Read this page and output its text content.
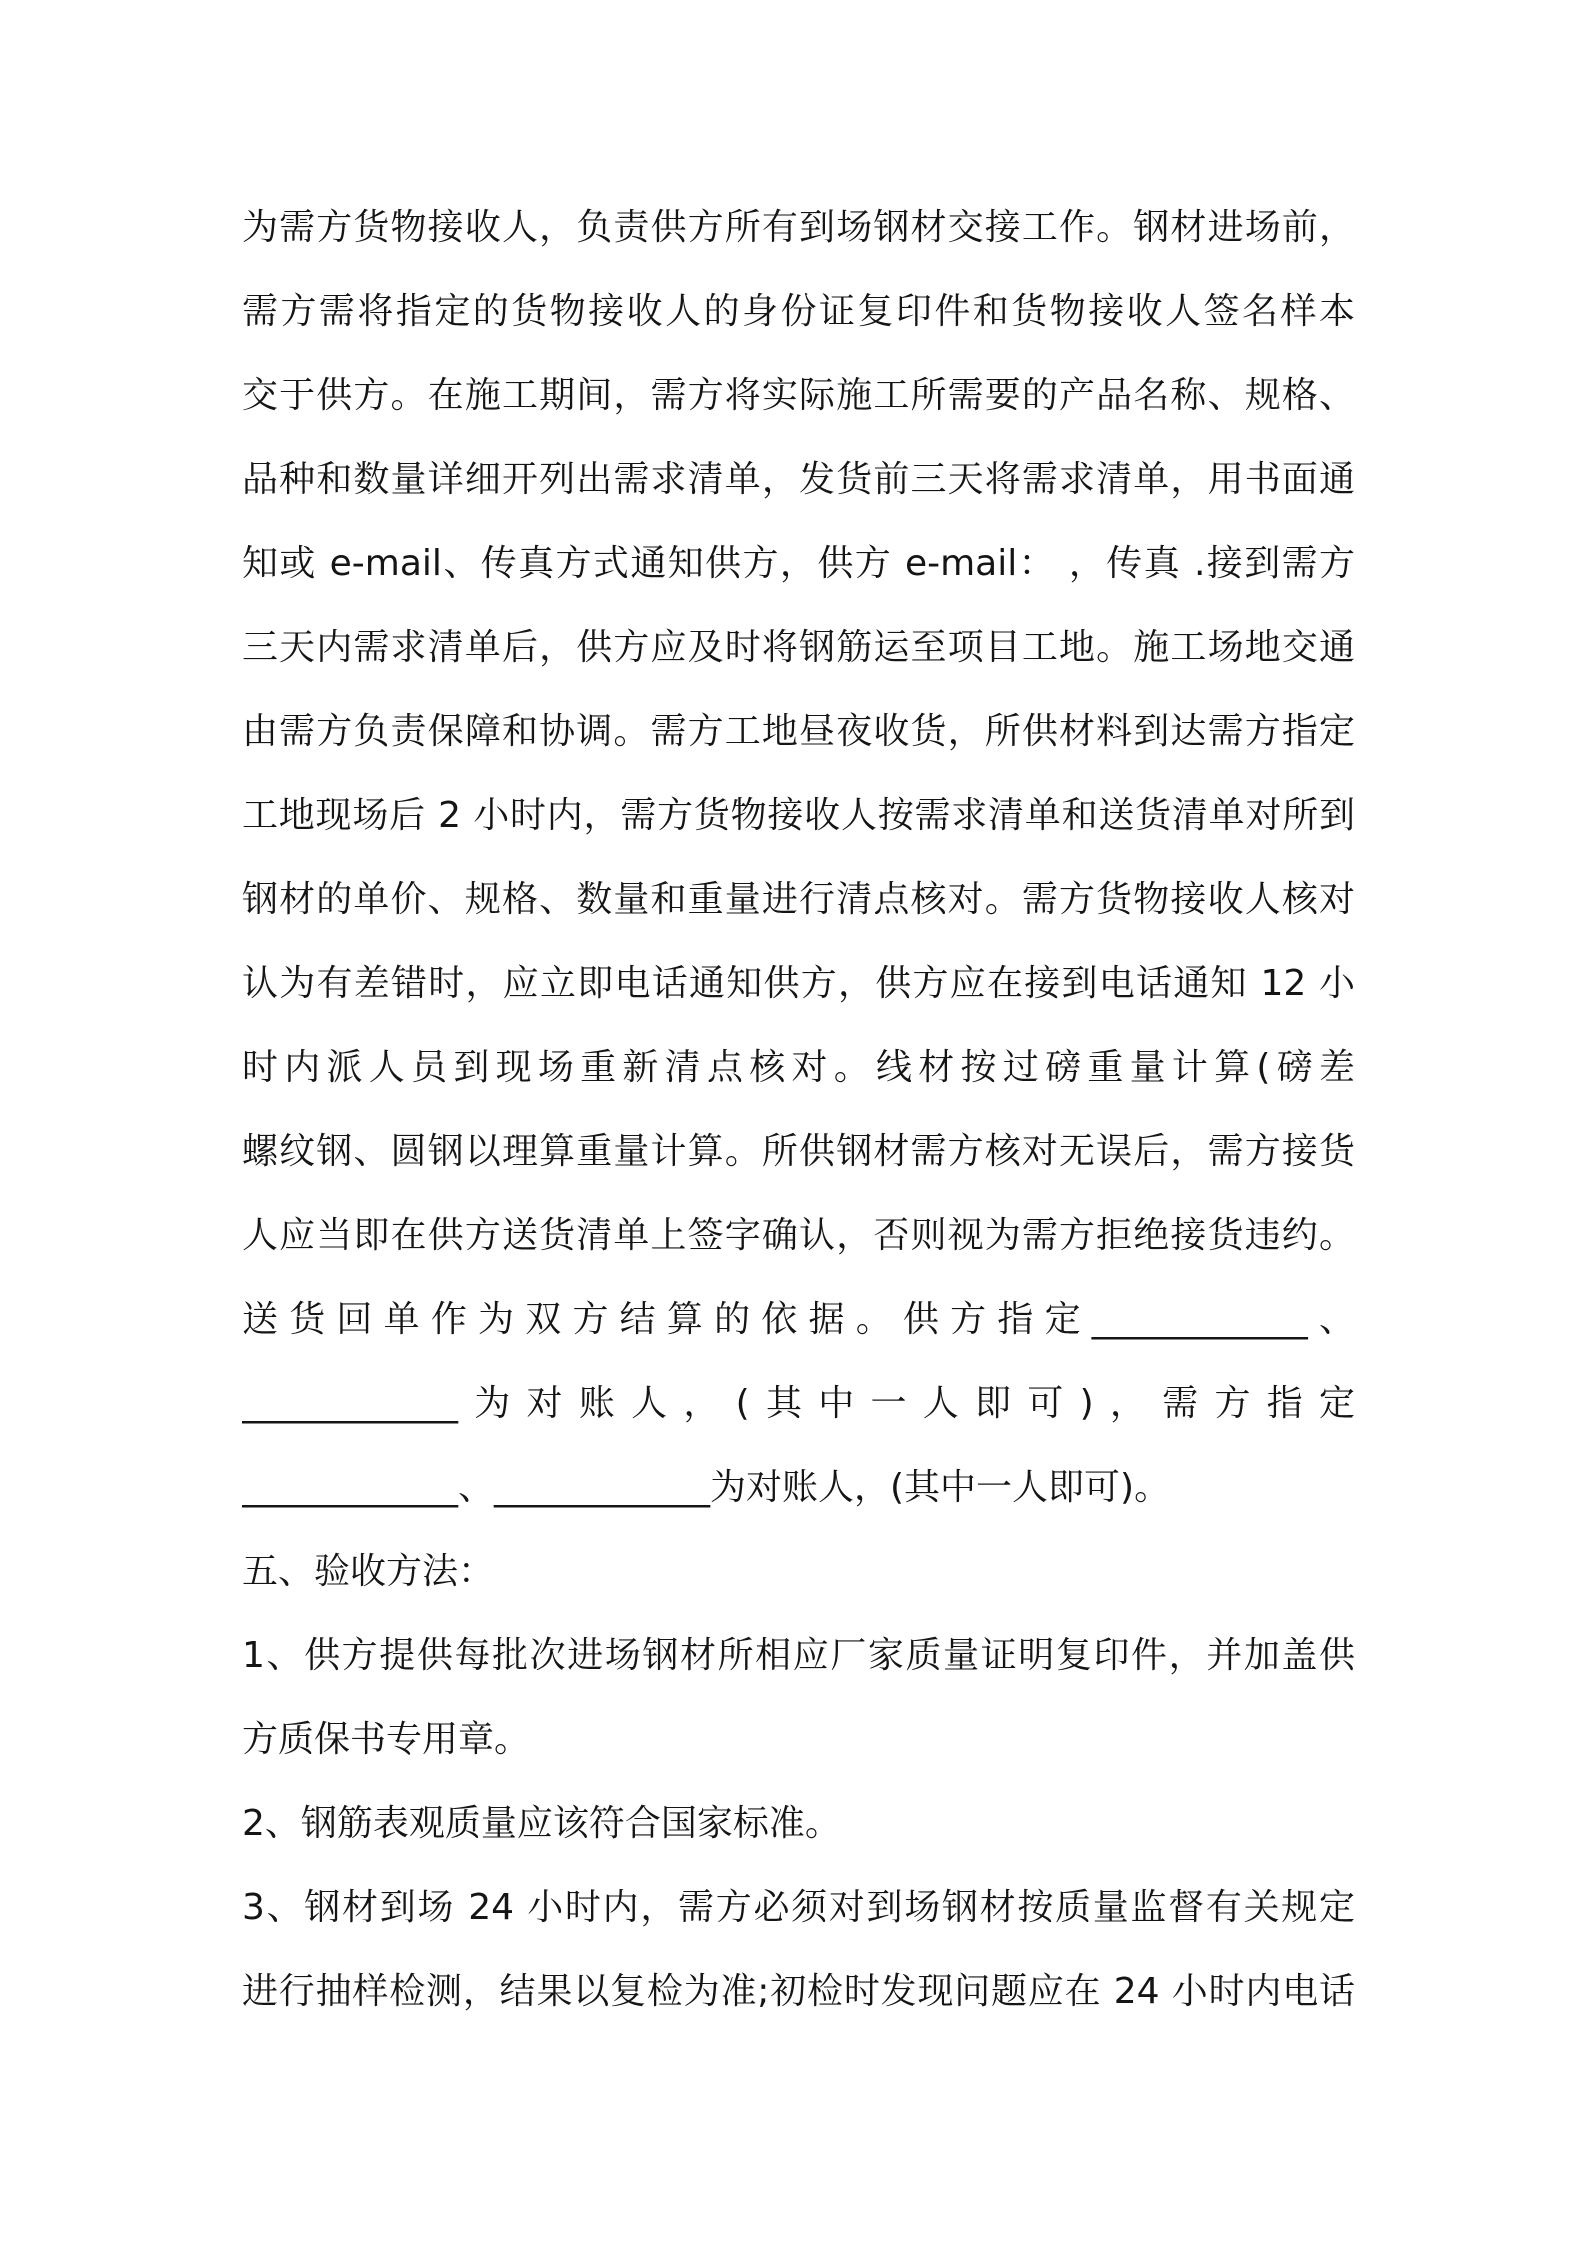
为需方货物接收人，负责供方所有到场钢材交接工作。钢材进场前，
需方需将指定的货物接收人的身份证复印件和货物接收人签名样本
交于供方。在施工期间，需方将实际施工所需要的产品名称、规格、
品种和数量详细开列出需求清单，发货前三天将需求清单，用书面通
知或 e-mail、传真方式通知供方，供方 e-mail： ，传真 .接到需方
三天内需求清单后，供方应及时将钢筋运至项目工地。施工场地交通
由需方负责保障和协调。需方工地昼夜收货，所供材料到达需方指定
工地现场后 2 小时内，需方货物接收人按需求清单和送货清单对所到
钢材的单价、规格、数量和重量进行清点核对。需方货物接收人核对
认为有差错时，应立即电话通知供方，供方应在接到电话通知 12 小
时内派人员到现场重新清点核对。线材按过磅重量计算(磅差
螺纹钢、圆钢以理算重量计算。所供钢材需方核对无误后，需方接货
人应当即在供方送货清单上签字确认，否则视为需方拒绝接货违约。
送货回单作为双方结算的依据。供方指定____________、
____________为对账人，(其中一人即可)，需方指定
____________、____________为对账人，(其中一人即可)。
五、验收方法：
1、供方提供每批次进场钢材所相应厂家质量证明复印件，并加盖供
方质保书专用章。
2、钢筋表观质量应该符合国家标准。
3、钢材到场 24 小时内，需方必须对到场钢材按质量监督有关规定
进行抽样检测，结果以复检为准;初检时发现问题应在 24 小时内电话
